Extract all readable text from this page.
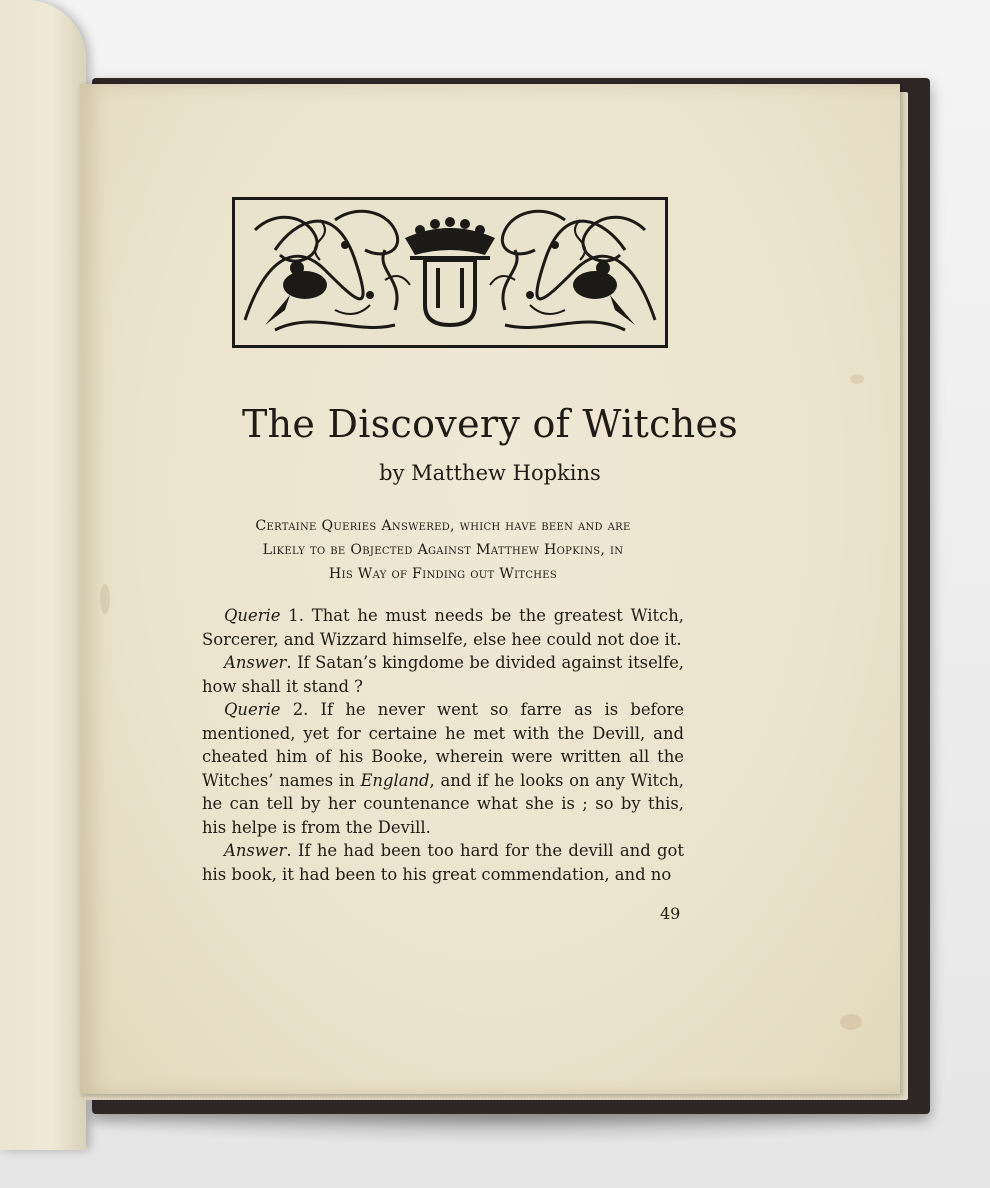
The Discovery of Witches
by Matthew Hopkins
Certaine Queries Answered, which have been and are
Likely to be Objected Against Matthew Hopkins, in
His Way of Finding out Witches

Querie 1. That he must needs be the greatest Witch, Sorcerer, and Wizzard himselfe, else hee could not doe it.

Answer. If Satan’s kingdome be divided against itselfe, how shall it stand ?

Querie 2. If he never went so farre as is before mentioned, yet for certaine he met with the Devill, and cheated him of his Booke, wherein were written all the Witches’ names in England, and if he looks on any Witch, he can tell by her countenance what she is ; so by this, his helpe is from the Devill.

Answer. If he had been too hard for the devill and got his book, it had been to his great commendation, and no

49
